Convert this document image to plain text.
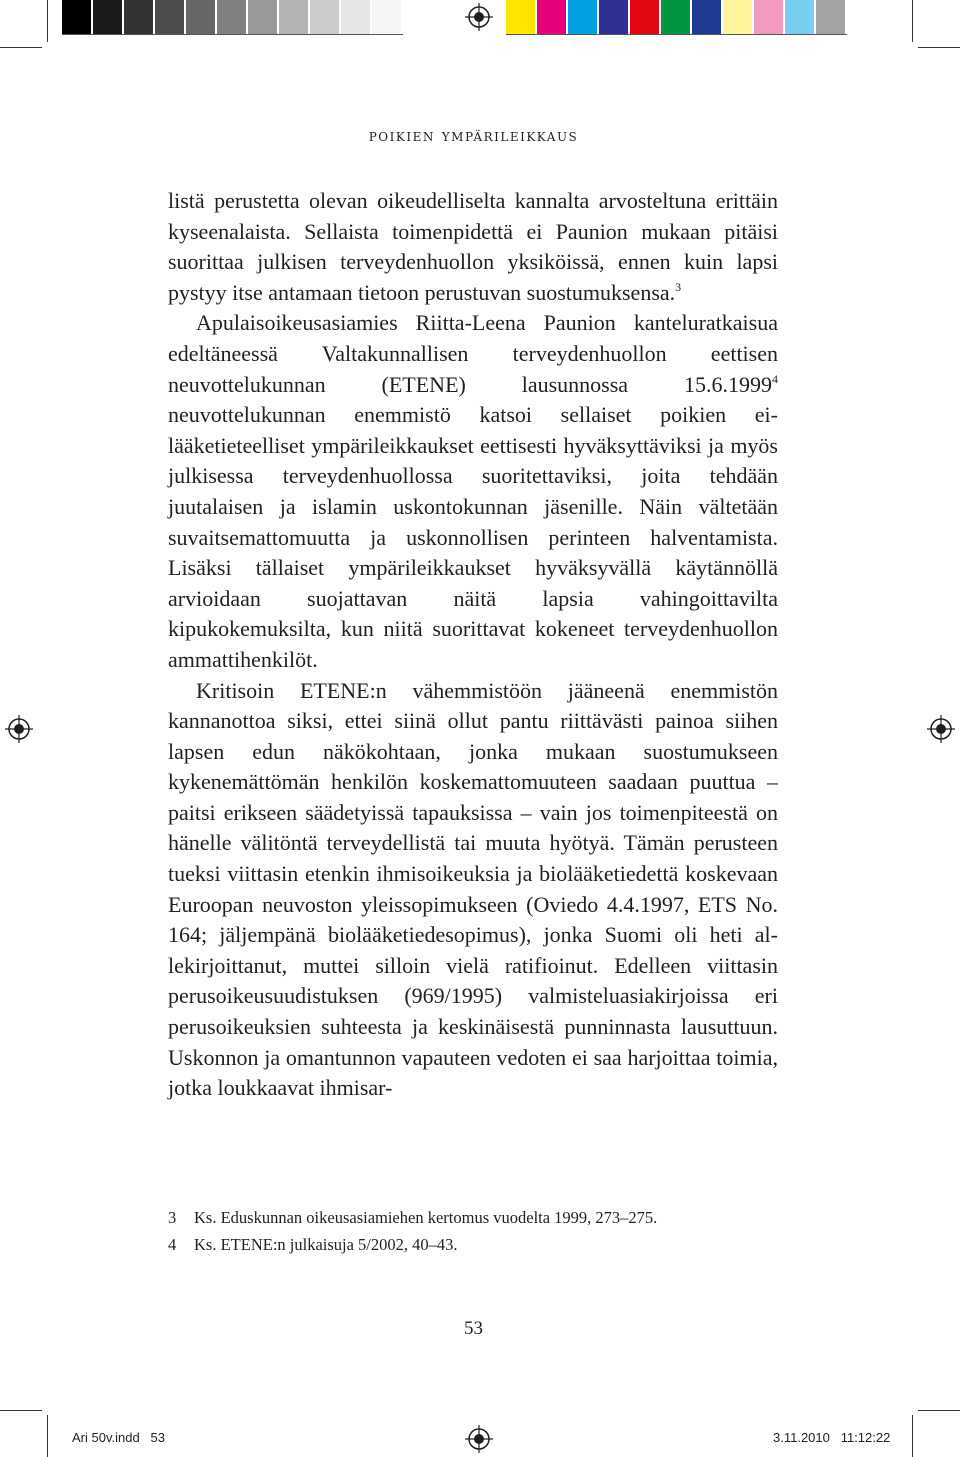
poikien ympärileikkaus

listä perustetta olevan oikeudelliselta kannalta arvosteltuna erittäin kyseenalaista. Sellaista toimenpidettä ei Paunion mukaan pitäisi suorittaa julkisen terveydenhuollon yksiköissä, ennen kuin lapsi pystyy itse antamaan tietoon perustuvan suostumuksensa.$^3$

Apulaisoikeusasiamies Riitta-Leena Paunion kanteluratkaisua edeltäneessä Valtakunnallisen terveydenhuollon eettisen neuvottelukunnan (ETENE) lausunnossa 15.6.1999$^4$ neuvottelukunnan enemmistö katsoi sellaiset poikien ei-lääketieteelliset ympärileikkaukset eettisesti hyväksyttäviksi ja myös julkisessa terveydenhuollossa suoritettaviksi, joita tehdään juutalaisen ja islamin uskontokunnan jäsenille. Näin vältetään suvaitsemattomuutta ja uskonnollisen perinteen halventamista. Lisäksi tällaiset ympärileikkaukset hyväksyvällä käytännöllä arvioidaan suojattavan näitä lapsia vahingoittavilta kipukokemuksilta, kun niitä suorittavat kokeneet terveydenhuollon ammattihenkilöt.

Kritisoin ETENE:n vähemmistöön jääneenä enemmistön kannanottoa siksi, ettei siinä ollut pantu riittävästi painoa siihen lapsen edun näkökohtaan, jonka mukaan suostumukseen kykenemättömän henkilön koskemattomuuteen saadaan puuttua – paitsi erikseen säädetyissä tapauksissa – vain jos toimenpiteestä on hänelle välitöntä terveydellistä tai muuta hyötyä. Tämän perusteen tueksi viittasin etenkin ihmisoikeuksia ja biolääketiedettä koskevaan Euroopan neuvoston yleissopimukseen (Oviedo 4.4.1997, ETS No. 164; jäljempänä biolääketiedesopimus), jonka Suomi oli heti allekirjoittanut, muttei silloin vielä ratifioinut. Edelleen viittasin perusoikeusuudistuksen (969/1995) valmisteluasiakirjoissa eri perusoikeuksien suhteesta ja keskinäisestä punninnasta lausuttuun. Uskonnon ja omantunnon vapauteen vedoten ei saa harjoittaa toimia, jotka loukkaavat ihmisar-

3	Ks. Eduskunnan oikeusasiamiehen kertomus vuodelta 1999, 273–275.
4	Ks. ETENE:n julkaisuja 5/2002, 40–43.
53
Ari 50v.indd   53	3.11.2010   11:12:22
